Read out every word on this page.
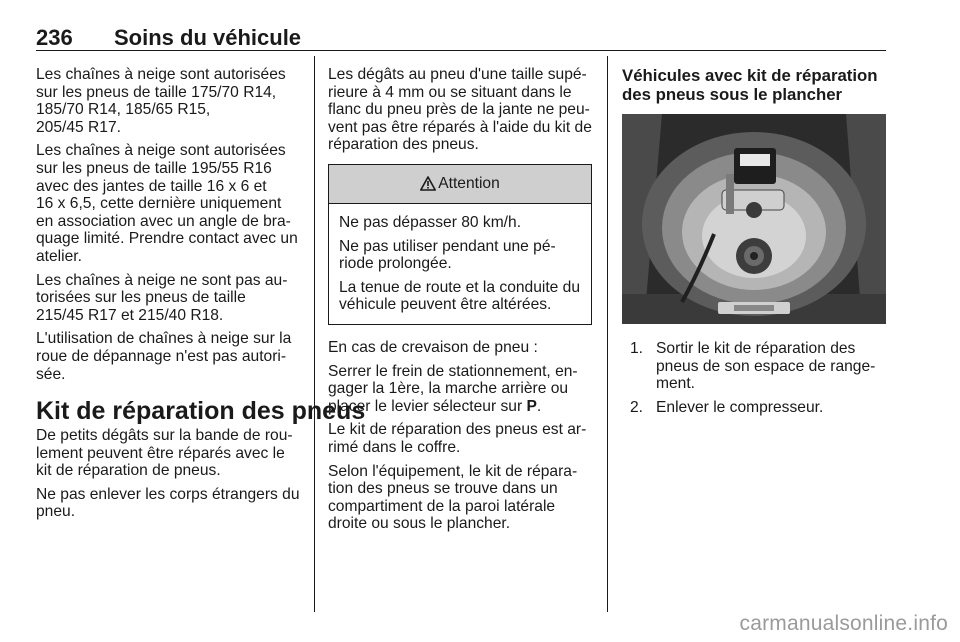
236 Soins du véhicule

Les chaînes à neige sont autorisées
sur les pneus de taille 175/70 R14,
185/70 R14, 185/65 R15,
205/45 R17.

Les chaînes à neige sont autorisées
sur les pneus de taille 195/55 R16
avec des jantes de taille 16 x 6 et
16 x 6,5, cette dernière uniquement
en association avec un angle de bra-
quage limité. Prendre contact avec un
atelier.

Les chaînes à neige ne sont pas au-
torisées sur les pneus de taille
215/45 R17 et 215/40 R18.

L'utilisation de chaînes à neige sur la
roue de dépannage n'est pas autori-
sée.

Kit de réparation des pneus

De petits dégâts sur la bande de rou-
lement peuvent être réparés avec le
kit de réparation de pneus.

Ne pas enlever les corps étrangers du
pneu.

Les dégâts au pneu d'une taille supé-
rieure à 4 mm ou se situant dans le
flanc du pneu près de la jante ne peu-
vent pas être réparés à l'aide du kit de
réparation des pneus.

Attention

Ne pas dépasser 80 km/h.

Ne pas utiliser pendant une pé-
riode prolongée.

La tenue de route et la conduite du
véhicule peuvent être altérées.

En cas de crevaison de pneu :

Serrer le frein de stationnement, en-
gager la 1ère, la marche arrière ou
placer le levier sélecteur sur P.

Le kit de réparation des pneus est ar-
rimé dans le coffre.

Selon l'équipement, le kit de répara-
tion des pneus se trouve dans un
compartiment de la paroi latérale
droite ou sous le plancher.

Véhicules avec kit de réparation
des pneus sous le plancher
1. Sortir le kit de réparation des
pneus de son espace de range-
ment.
2. Enlever le compresseur.
carmanualsonline.info
